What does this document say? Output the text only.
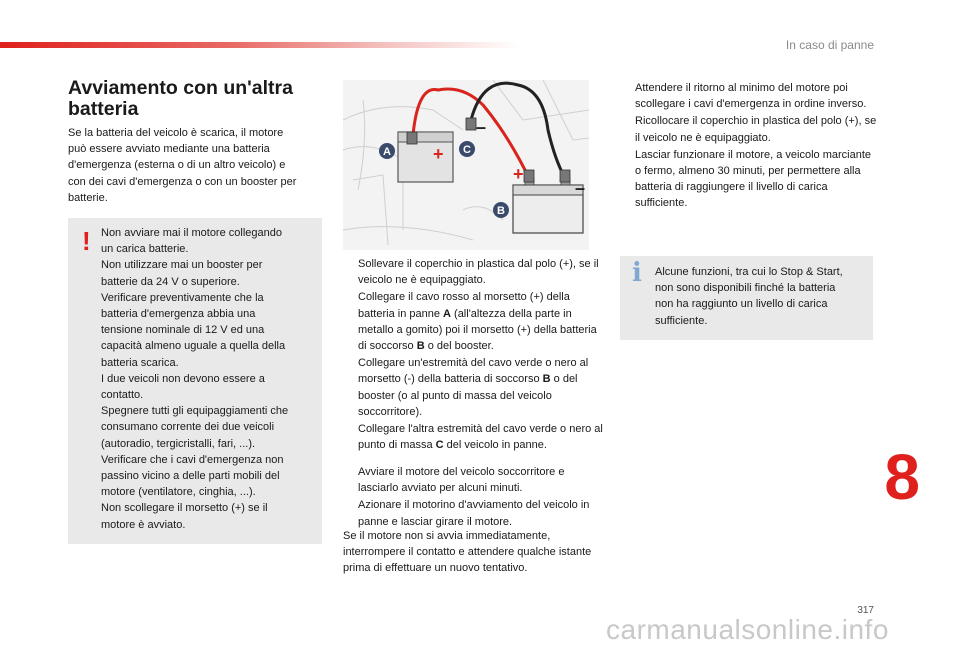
In caso di panne
Avviamento con un'altra
batteria
Se la batteria del veicolo è scarica, il motore
può essere avviato mediante una batteria
d'emergenza (esterna o di un altro veicolo) e
con dei cavi d'emergenza o con un booster per
batterie.
! Non avviare mai il motore collegando
un carica batterie.
Non utilizzare mai un booster per
batterie da 24 V o superiore.
Verificare preventivamente che la
batteria d'emergenza abbia una
tensione nominale di 12 V ed una
capacità almeno uguale a quella della
batteria scarica.
I due veicoli non devono essere a
contatto.
Spegnere tutti gli equipaggiamenti che
consumano corrente dei due veicoli
(autoradio, tergicristalli, fari, ...).
Verificare che i cavi d'emergenza non
passino vicino a delle parti mobili del
motore (ventilatore, cinghia, ...).
Non scollegare il morsetto (+) se il
motore è avviato.
+
+
–
–
A	C
B
Sollevare il coperchio in plastica dal polo (+), se il veicolo ne è equipaggiato.
Collegare il cavo rosso al morsetto (+) della batteria in panne A (all'altezza della parte in metallo a gomito) poi il morsetto (+) della batteria di soccorso B o del booster.
Collegare un'estremità del cavo verde o nero al morsetto (-) della batteria di soccorso B o del booster (o al punto di massa del veicolo soccorritore).
Collegare l'altra estremità del cavo verde o nero al punto di massa C del veicolo in panne.
Avviare il motore del veicolo soccorritore e lasciarlo avviato per alcuni minuti.
Azionare il motorino d'avviamento del veicolo in panne e lasciar girare il motore.
Se il motore non si avvia immediatamente, interrompere il contatto e attendere qualche istante prima di effettuare un nuovo tentativo.
Attendere il ritorno al minimo del motore poi scollegare i cavi d'emergenza in ordine inverso.
Ricollocare il coperchio in plastica del polo (+), se il veicolo ne è equipaggiato.
Lasciar funzionare il motore, a veicolo marciante o fermo, almeno 30 minuti, per permettere alla batteria di raggiungere il livello di carica sufficiente.
i Alcune funzioni, tra cui lo Stop & Start,
non sono disponibili finché la batteria
non ha raggiunto un livello di carica
sufficiente.
8
317
carmanualsonline.info
